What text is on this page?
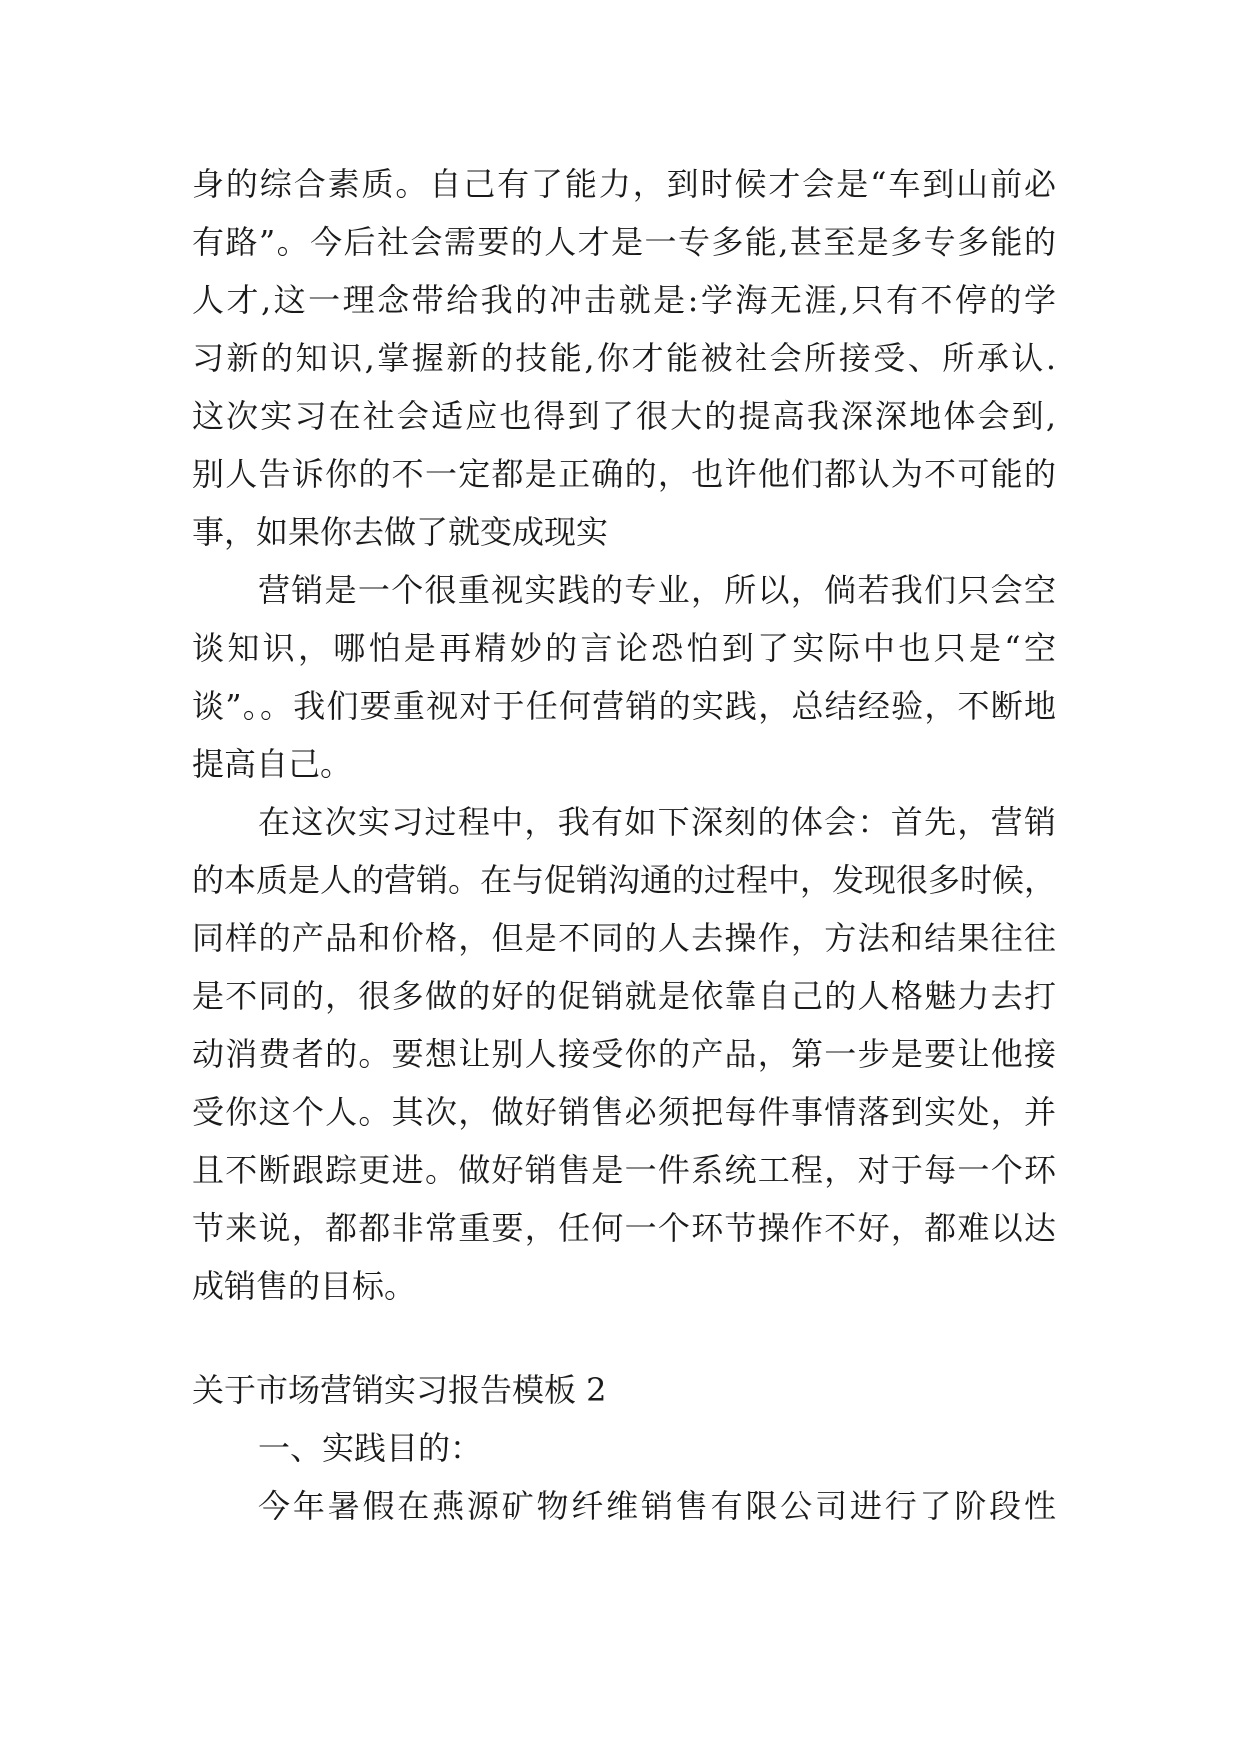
身的综合素质。自己有了能力，到时候才会是“车到山前必
有路”。今后社会需要的人才是一专多能,甚至是多专多能的
人才,这一理念带给我的冲击就是:学海无涯,只有不停的学
习新的知识,掌握新的技能,你才能被社会所接受、所承认.
这次实习在社会适应也得到了很大的提高我深深地体会到,
别人告诉你的不一定都是正确的，也许他们都认为不可能的
事，如果你去做了就变成现实
营销是一个很重视实践的专业，所以，倘若我们只会空
谈知识，哪怕是再精妙的言论恐怕到了实际中也只是“空
谈”。。我们要重视对于任何营销的实践，总结经验，不断地
提高自己。
在这次实习过程中，我有如下深刻的体会：首先，营销
的本质是人的营销。在与促销沟通的过程中，发现很多时候，
同样的产品和价格，但是不同的人去操作，方法和结果往往
是不同的，很多做的好的促销就是依靠自己的人格魅力去打
动消费者的。要想让别人接受你的产品，第一步是要让他接
受你这个人。其次，做好销售必须把每件事情落到实处，并
且不断跟踪更进。做好销售是一件系统工程，对于每一个环
节来说，都都非常重要，任何一个环节操作不好，都难以达
成销售的目标。
关于市场营销实习报告模板 2
一、实践目的：
今年暑假在燕源矿物纤维销售有限公司进行了阶段性
